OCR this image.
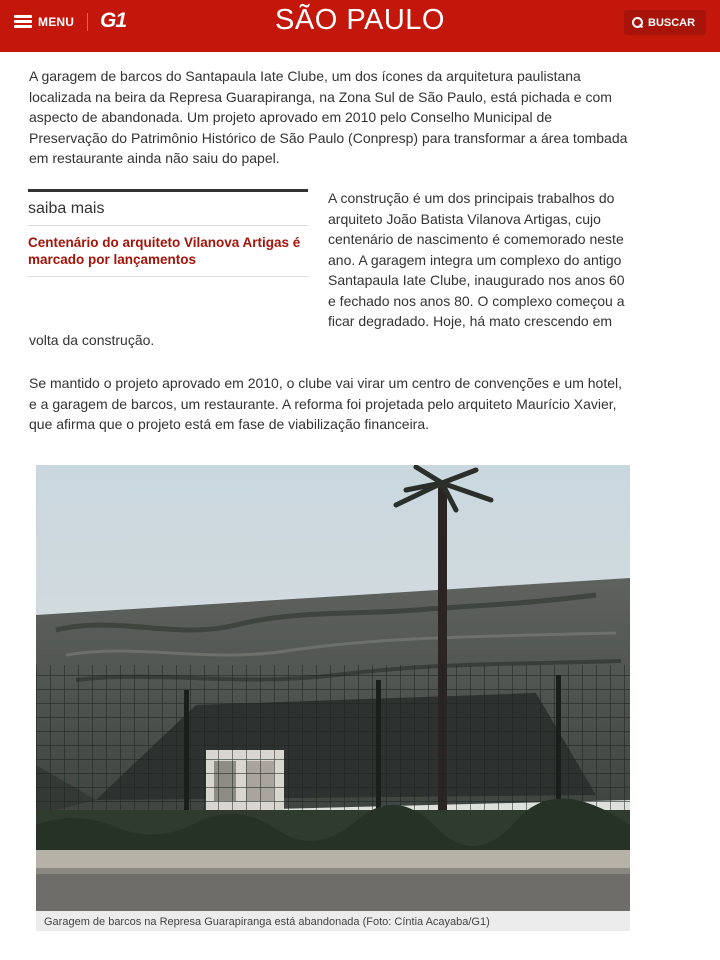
MENU G1	SÃO PAULO	BUSCAR

A garagem de barcos do Santapaula Iate Clube, um dos ícones da arquitetura paulistana localizada na beira da Represa Guarapiranga, na Zona Sul de São Paulo, está pichada e com aspecto de abandonada. Um projeto aprovado em 2010 pelo Conselho Municipal de Preservação do Patrimônio Histórico de São Paulo (Conpresp) para transformar a área tombada em restaurante ainda não saiu do papel.

saiba mais
Centenário do arquiteto Vilanova Artigas é marcado por lançamentos

A construção é um dos principais trabalhos do arquiteto João Batista Vilanova Artigas, cujo centenário de nascimento é comemorado neste ano. A garagem integra um complexo do antigo Santapaula Iate Clube, inaugurado nos anos 60 e fechado nos anos 80. O complexo começou a ficar degradado. Hoje, há mato crescendo em

volta da construção.

Se mantido o projeto aprovado em 2010, o clube vai virar um centro de convenções e um hotel, e a garagem de barcos, um restaurante. A reforma foi projetada pelo arquiteto Maurício Xavier, que afirma que o projeto está em fase de viabilização financeira.

Garagem de barcos na Represa Guarapiranga está abandonada (Foto: Cíntia Acayaba/G1)
